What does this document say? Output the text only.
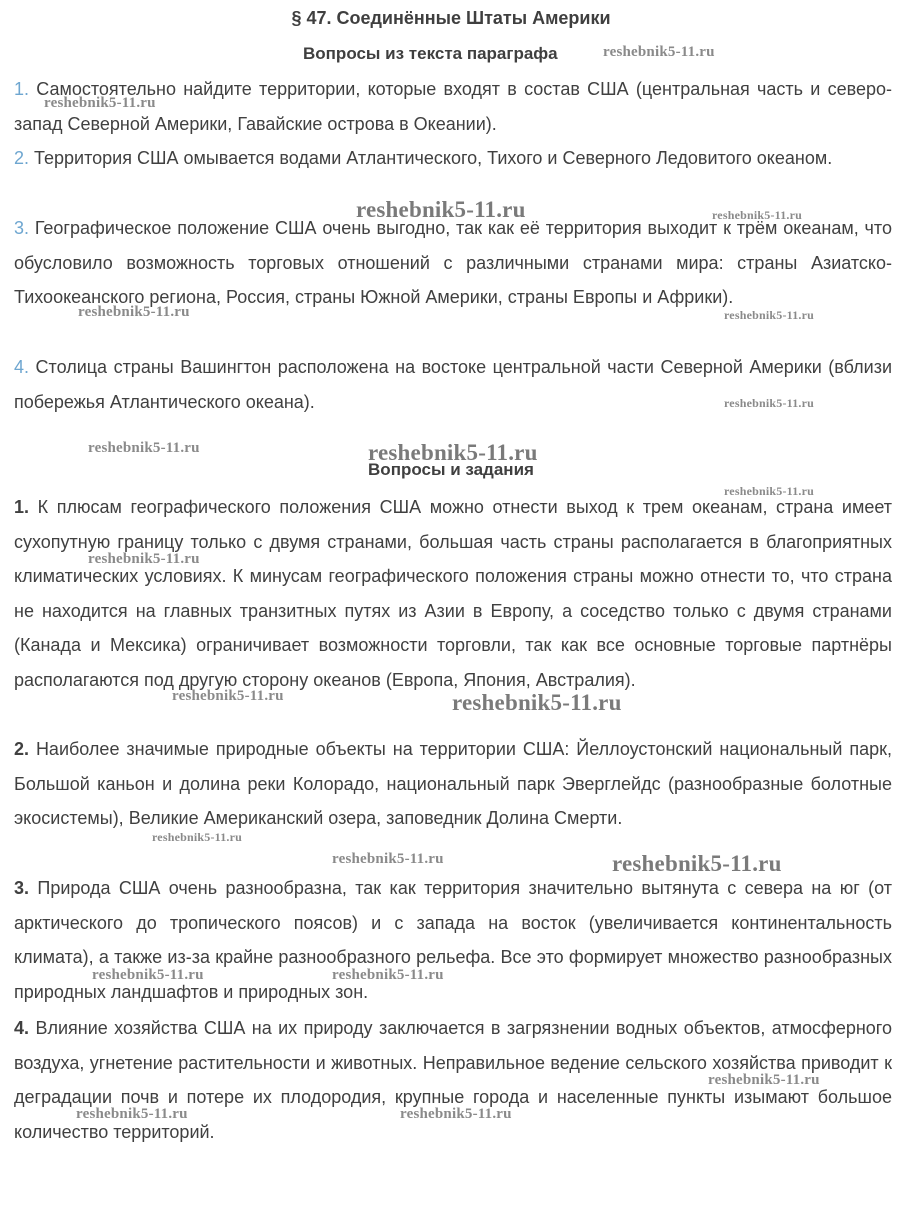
§ 47. Соединённые Штаты Америки
Вопросы из текста параграфа

1. Самостоятельно найдите территории, которые входят в состав США (центральная часть и северо-запад Северной Америки, Гавайские острова в Океании).

2. Территория США омывается водами Атлантического, Тихого и Северного Ледовитого океаном.

3. Географическое положение США очень выгодно, так как её территория выходит к трём океанам, что обусловило возможность торговых отношений с различными странами мира: страны Азиатско-Тихоокеанского региона, Россия, страны Южной Америки, страны Европы и Африки).

4. Столица страны Вашингтон расположена на востоке центральной части Северной Америки (вблизи побережья Атлантического океана).

Вопросы и задания

1. К плюсам географического положения США можно отнести выход к трем океанам, страна имеет сухопутную границу только с двумя странами, большая часть страны располагается в благоприятных климатических условиях. К минусам географического положения страны можно отнести то, что страна не находится на главных транзитных путях из Азии в Европу, а соседство только с двумя странами (Канада и Мексика) ограничивает возможности торговли, так как все основные торговые партнёры располагаются под другую сторону океанов (Европа, Япония, Австралия).

2. Наиболее значимые природные объекты на территории США: Йеллоустонский национальный парк, Большой каньон и долина реки Колорадо, национальный парк Эверглейдс (разнообразные болотные экосистемы), Великие Американский озера, заповедник Долина Смерти.

3. Природа США очень разнообразна, так как территория значительно вытянута с севера на юг (от арктического до тропического поясов) и с запада на восток (увеличивается континентальность климата), а также из-за крайне разнообразного рельефа. Все это формирует множество разнообразных природных ландшафтов и природных зон.

4. Влияние хозяйства США на их природу заключается в загрязнении водных объектов, атмосферного воздуха, угнетение растительности и животных. Неправильное ведение сельского хозяйства приводит к деградации почв и потере их плодородия, крупные города и населенные пункты изымают большое количество территорий.

reshebnik5-11.ru
reshebnik5-11.ru
reshebnik5-11.ru	reshebnik5-11.ru
reshebnik5-11.ru	reshebnik5-11.ru
reshebnik5-11.ru
reshebnik5-11.ru	reshebnik5-11.ru
reshebnik5-11.ru
reshebnik5-11.ru
reshebnik5-11.ru	reshebnik5-11.ru
reshebnik5-11.ru
reshebnik5-11.ru	reshebnik5-11.ru
reshebnik5-11.ru	reshebnik5-11.ru
reshebnik5-11.ru
reshebnik5-11.ru	reshebnik5-11.ru
